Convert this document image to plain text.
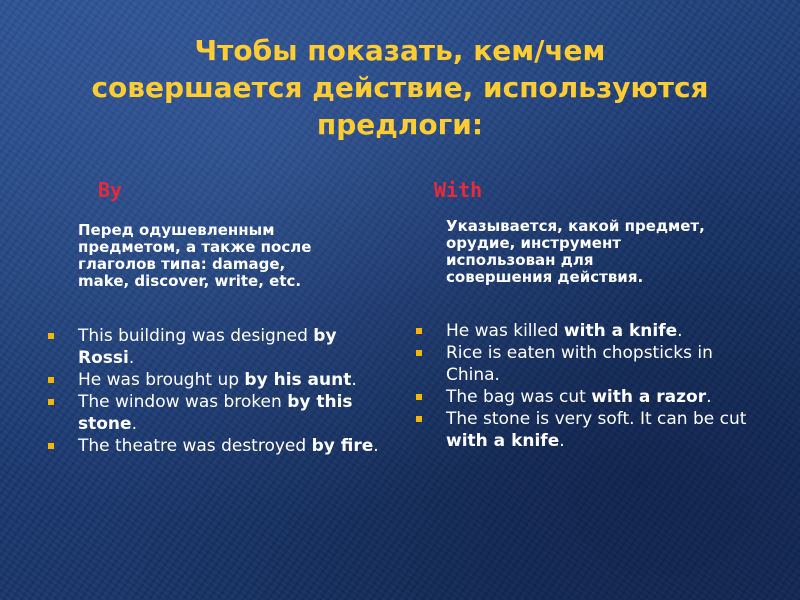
Чтобы показать, кем/чем
совершается действие, используются
предлоги:
By	With
Перед одушевленным
предметом, а также после
глаголов типа: damage,
make, discover, write, etc.
Указывается, какой предмет,
орудие, инструмент
использован для
совершения действия.
This building was designed by Rossi.
He was brought up by his aunt.
The window was broken by this stone.
The theatre was destroyed by fire.
He was killed with a knife.
Rice is eaten with chopsticks in China.
The bag was cut with a razor.
The stone is very soft. It can be cut with a knife.
